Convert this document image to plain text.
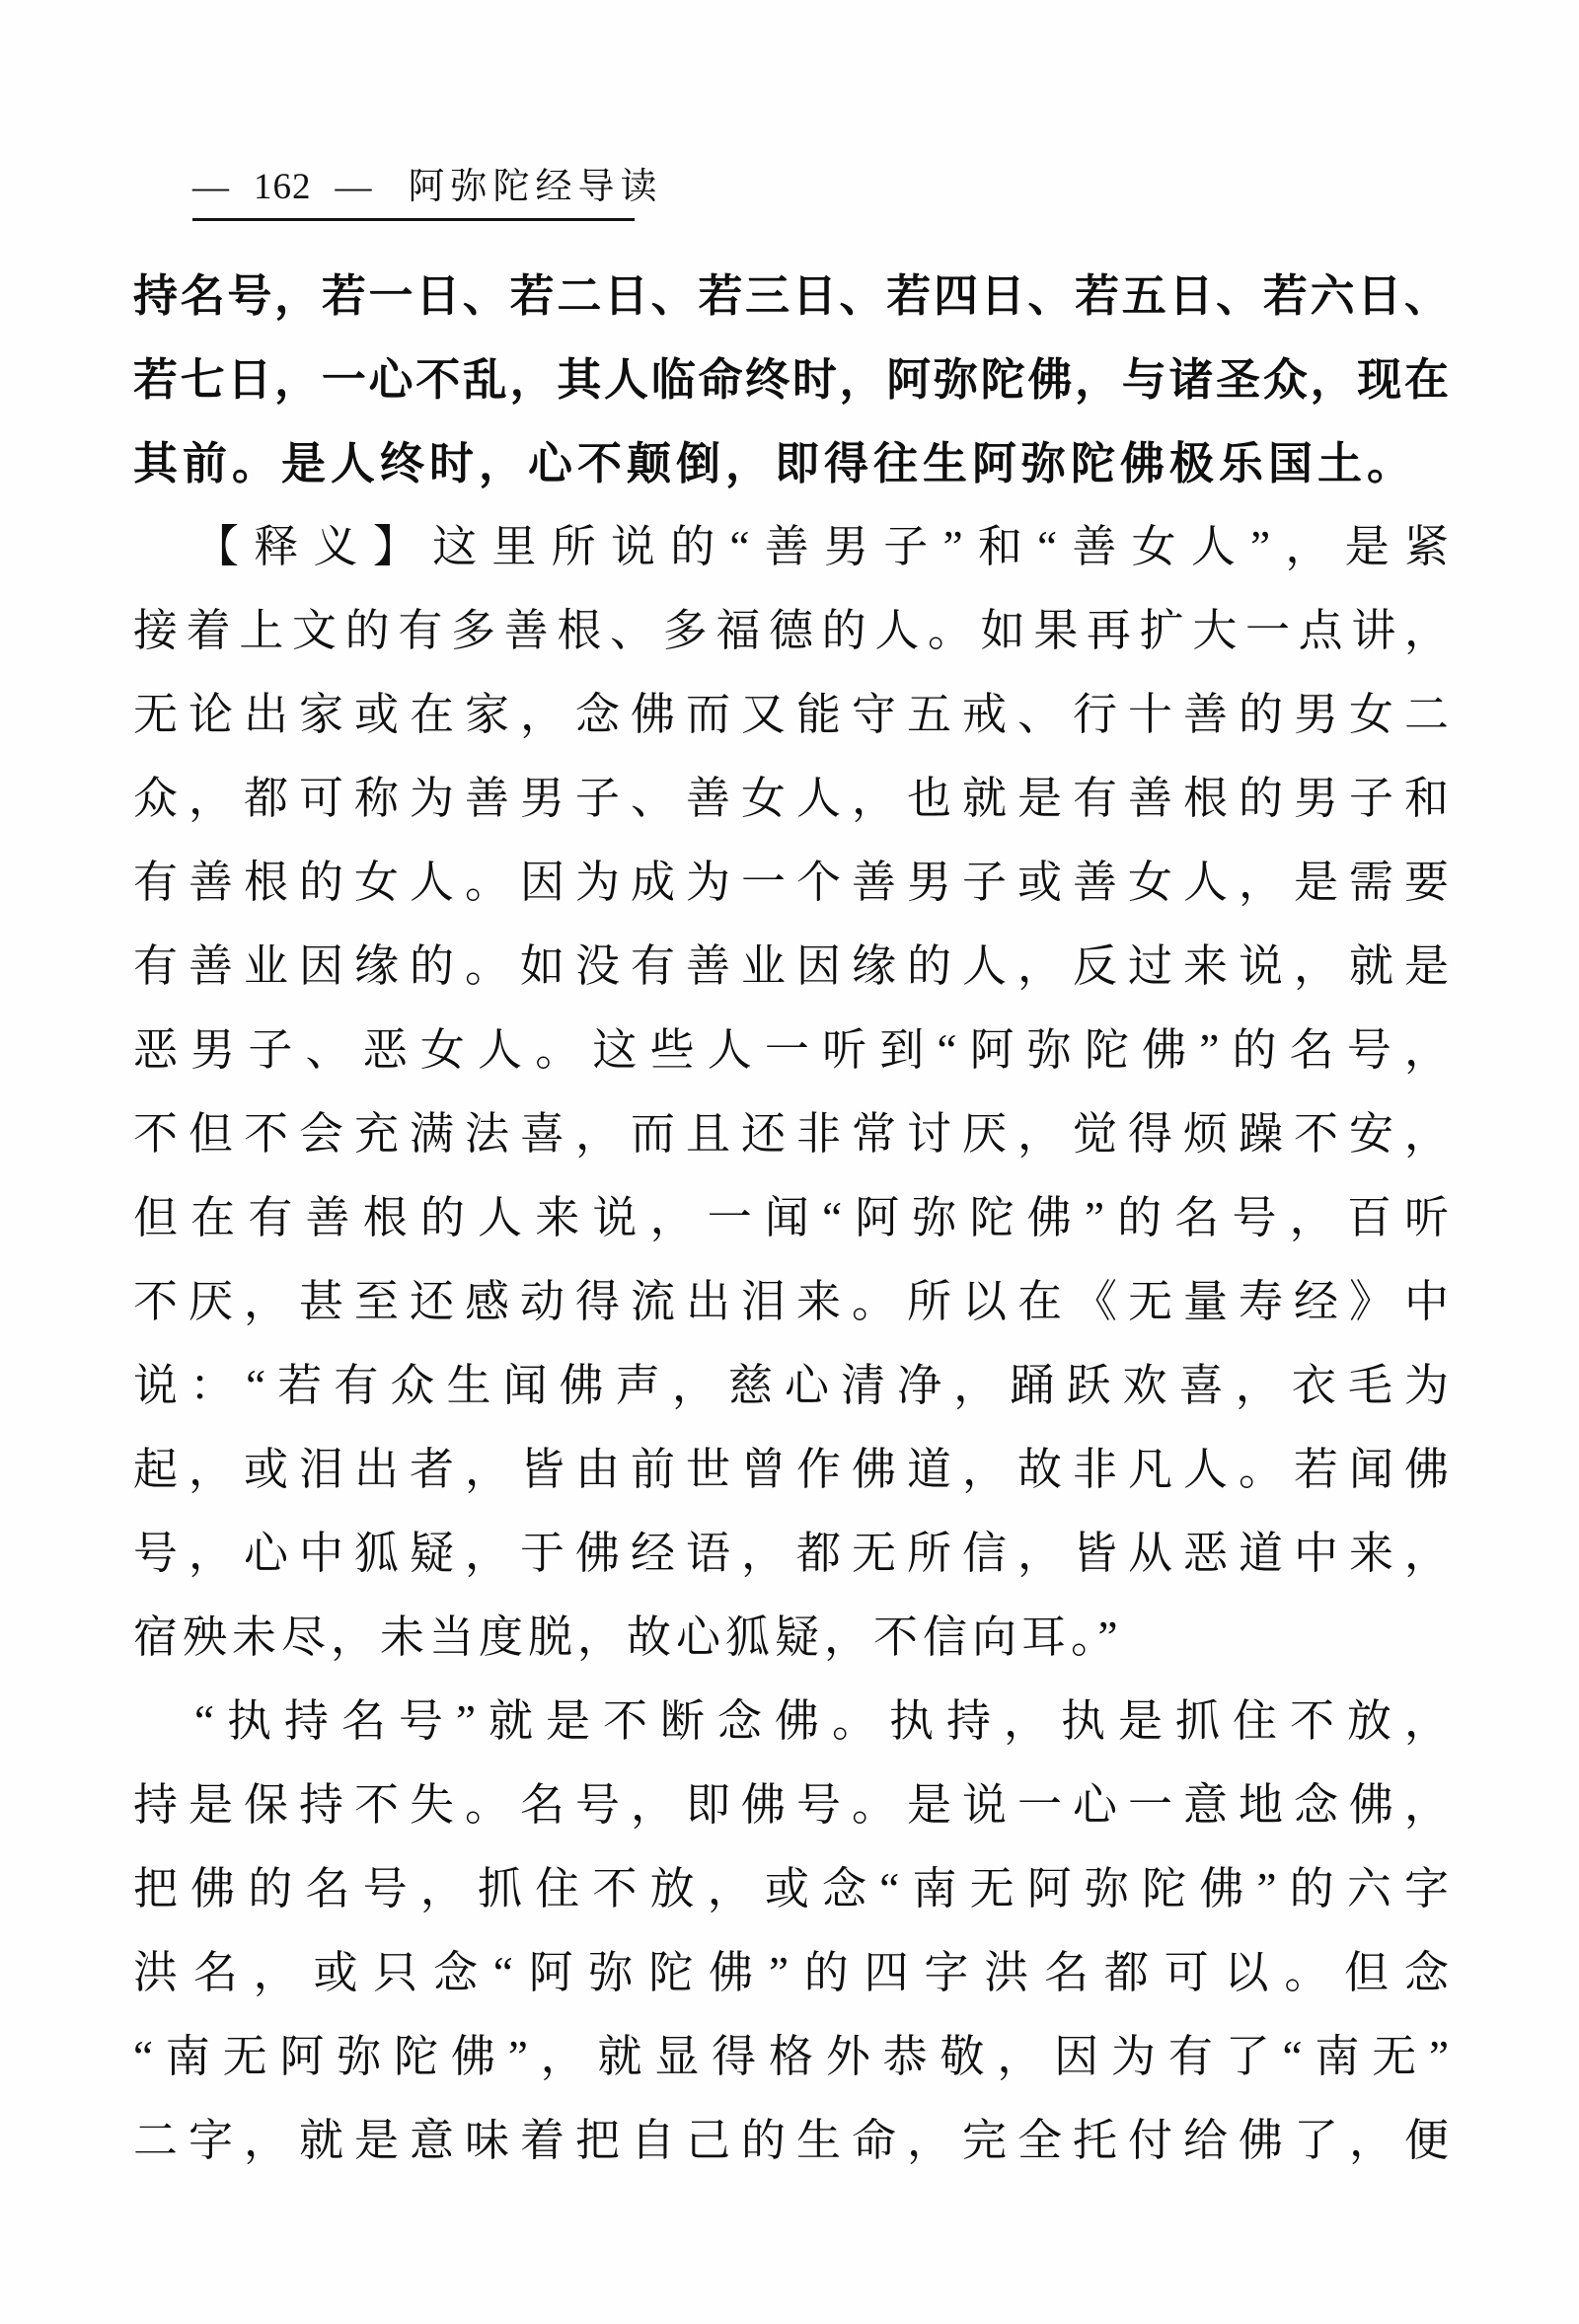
— 162 — 阿弥陀经导读
持名号，若一日、若二日、若三日、若四日、若五日、若六日、
若七日，一心不乱，其人临命终时，阿弥陀佛，与诸圣众，现在
其前。是人终时，心不颠倒，即得往生阿弥陀佛极乐国土。
【释义】这里所说的“善男子”和“善女人”，是紧
接着上文的有多善根、多福德的人。如果再扩大一点讲，
无论出家或在家，念佛而又能守五戒、行十善的男女二
众，都可称为善男子、善女人，也就是有善根的男子和
有善根的女人。因为成为一个善男子或善女人，是需要
有善业因缘的。如没有善业因缘的人，反过来说，就是
恶男子、恶女人。这些人一听到“阿弥陀佛”的名号，
不但不会充满法喜，而且还非常讨厌，觉得烦躁不安，
但在有善根的人来说，一闻“阿弥陀佛”的名号，百听
不厌，甚至还感动得流出泪来。所以在《无量寿经》中
说：“若有众生闻佛声，慈心清净，踊跃欢喜，衣毛为
起，或泪出者，皆由前世曾作佛道，故非凡人。若闻佛
号，心中狐疑，于佛经语，都无所信，皆从恶道中来，
宿殃未尽，未当度脱，故心狐疑，不信向耳。”
“执持名号”就是不断念佛。执持，执是抓住不放，
持是保持不失。名号，即佛号。是说一心一意地念佛，
把佛的名号，抓住不放，或念“南无阿弥陀佛”的六字
洪名，或只念“阿弥陀佛”的四字洪名都可以。但念
“南无阿弥陀佛”，就显得格外恭敬，因为有了“南无”
二字，就是意味着把自己的生命，完全托付给佛了，便
